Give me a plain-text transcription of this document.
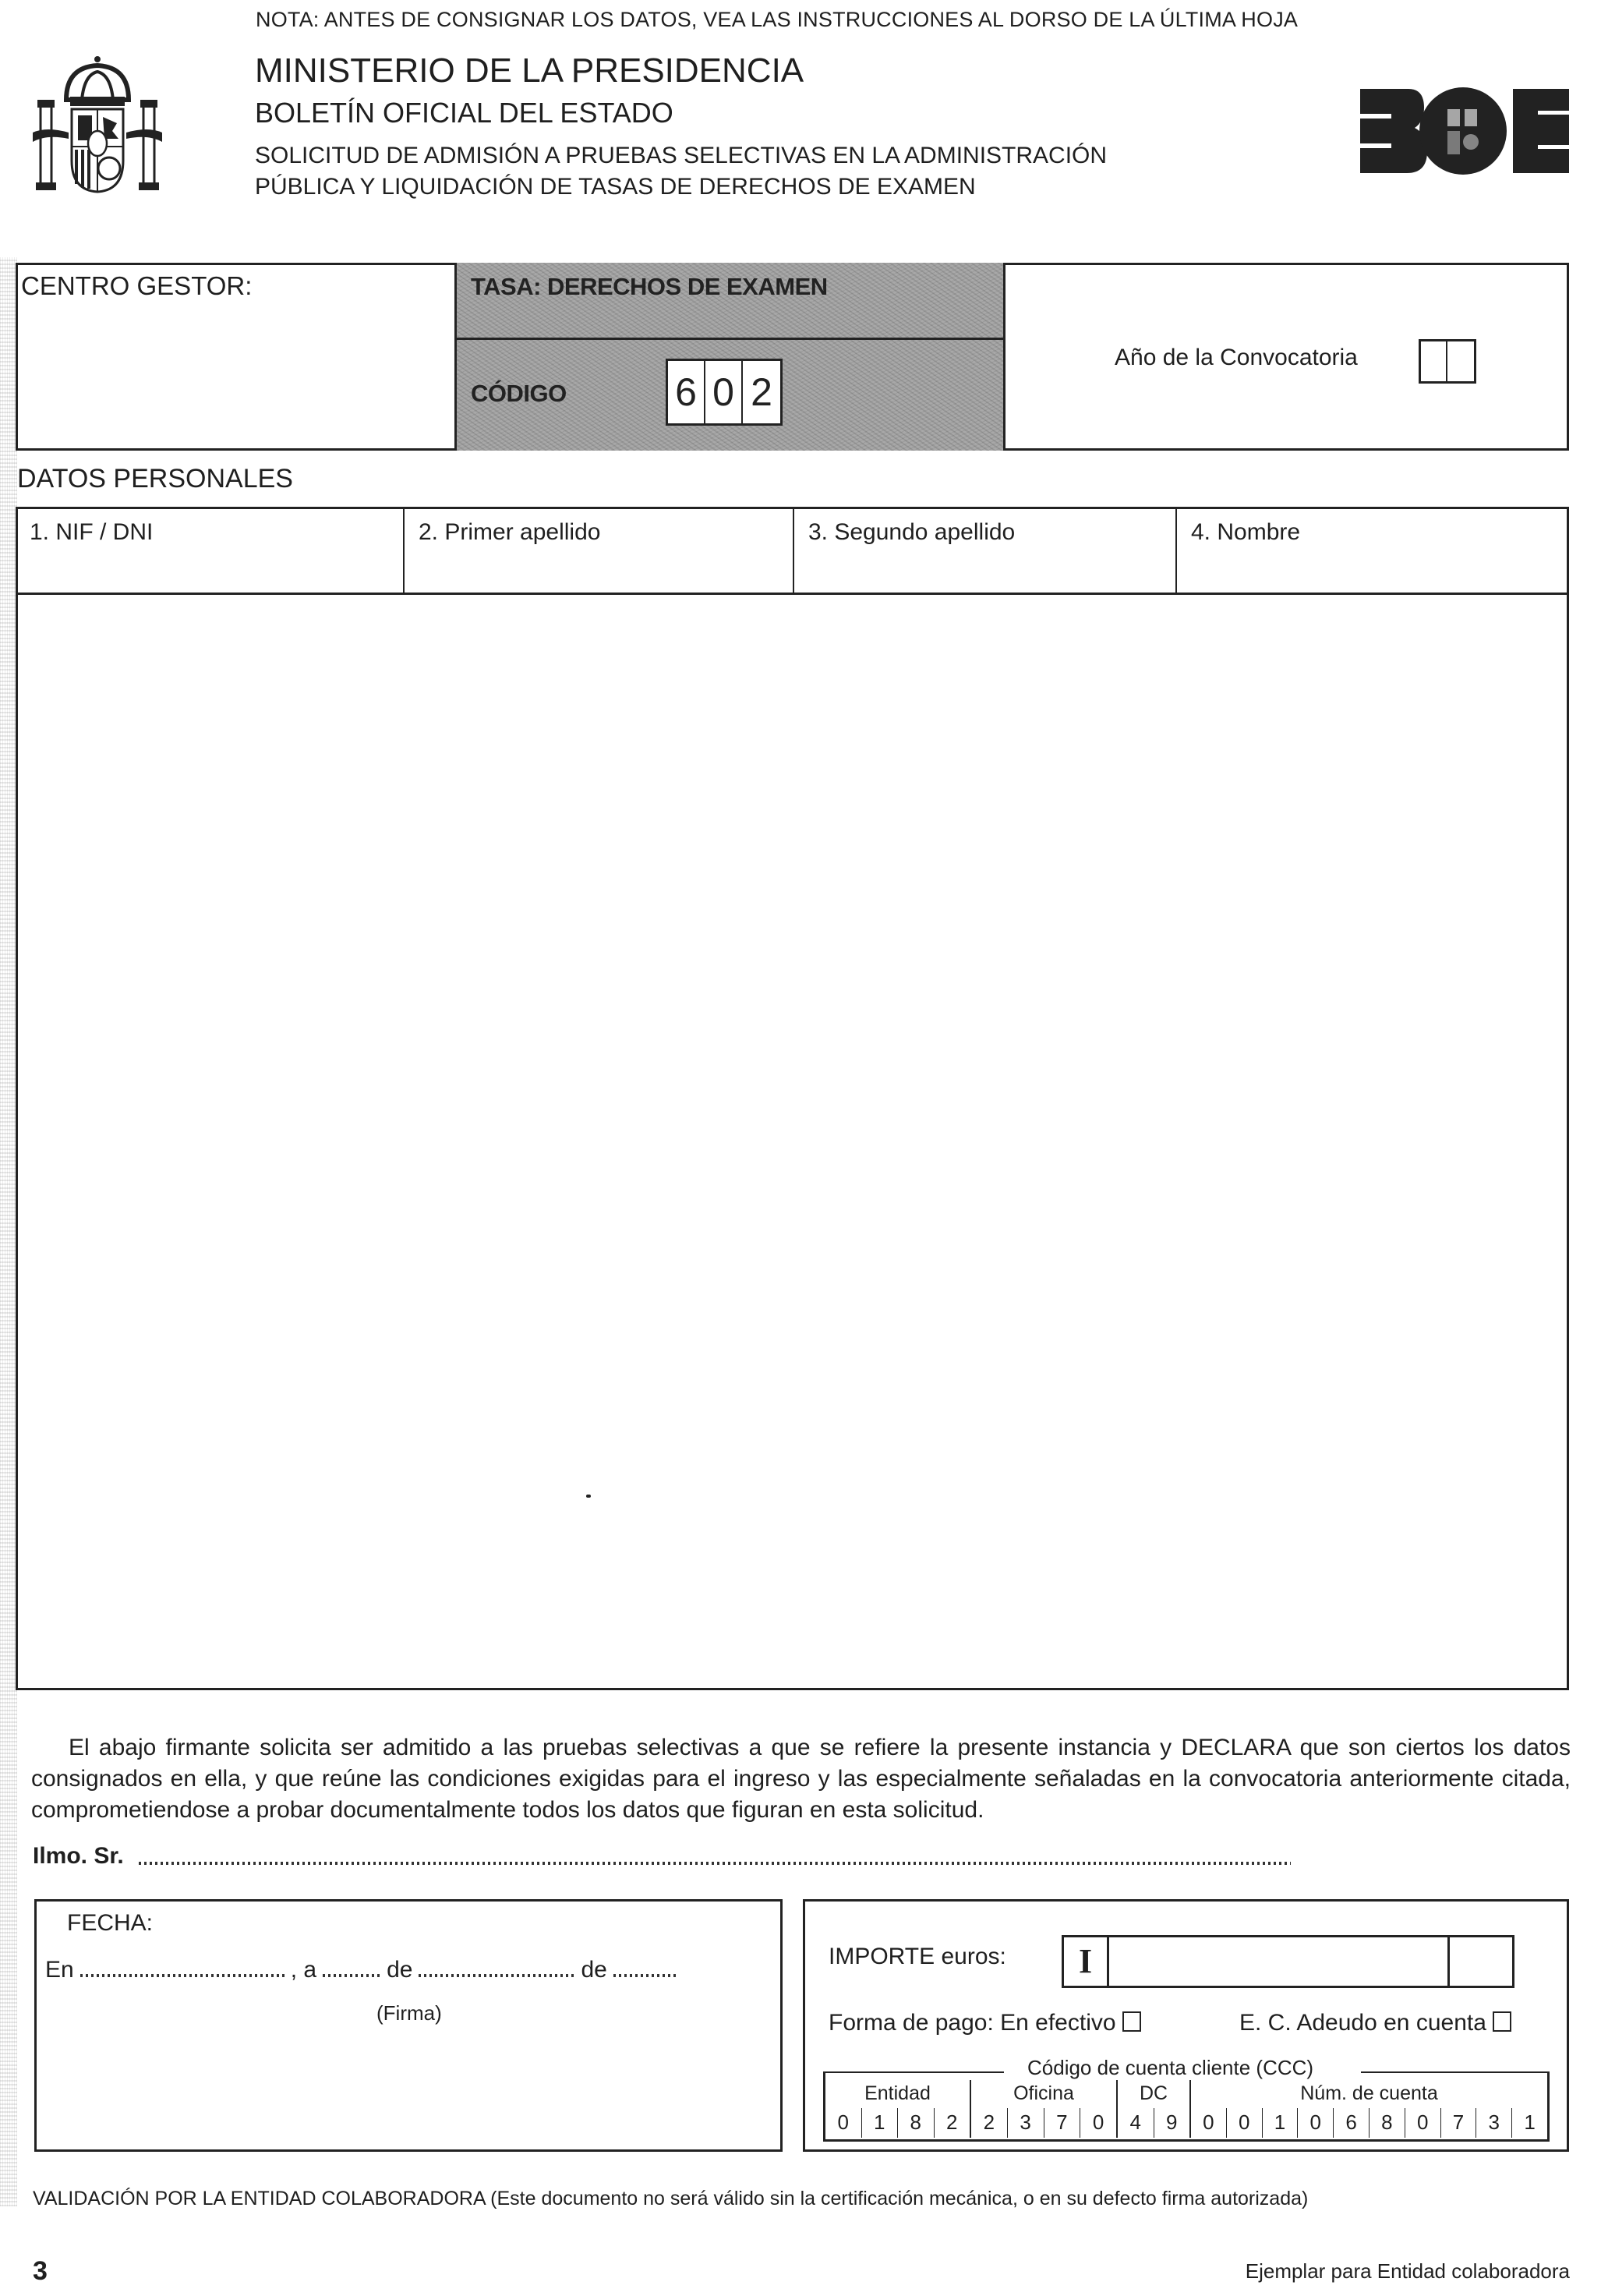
NOTA: ANTES DE CONSIGNAR LOS DATOS, VEA LAS INSTRUCCIONES AL DORSO DE LA ÚLTIMA HOJA
MINISTERIO DE LA PRESIDENCIA
BOLETÍN OFICIAL DEL ESTADO
SOLICITUD DE ADMISIÓN A PRUEBAS SELECTIVAS EN LA ADMINISTRACIÓN
PÚBLICA Y LIQUIDACIÓN DE TASAS DE DERECHOS DE EXAMEN
CENTRO GESTOR:	TASA: DERECHOS DE EXAMEN
CÓDIGO	6 0 2
Año de la Convocatoria
DATOS PERSONALES
1. NIF / DNI	2. Primer apellido	3. Segundo apellido	4. Nombre
El abajo firmante solicita ser admitido a las pruebas selectivas a que se refiere la presente instancia y DECLARA que son ciertos los datos consignados en ella, y que reúne las condiciones exigidas para el ingreso y las especialmente señaladas en la convocatoria anteriormente citada, comprometiendose a probar documentalmente todos los datos que figuran en esta solicitud.
Ilmo. Sr.
FECHA:
En	, a	de	de
(Firma)
IMPORTE euros:	I
Forma de pago: En efectivo	E. C. Adeudo en cuenta
Código de cuenta cliente (CCC)
Entidad
0	1	8	2
Oficina
2	3	7	0
DC
4	9
Núm. de cuenta
0	0	1	0	6	8	0	7	3	1
VALIDACIÓN POR LA ENTIDAD COLABORADORA (Este documento no será válido sin la certificación mecánica, o en su defecto firma autorizada)
3	Ejemplar para Entidad colaboradora
